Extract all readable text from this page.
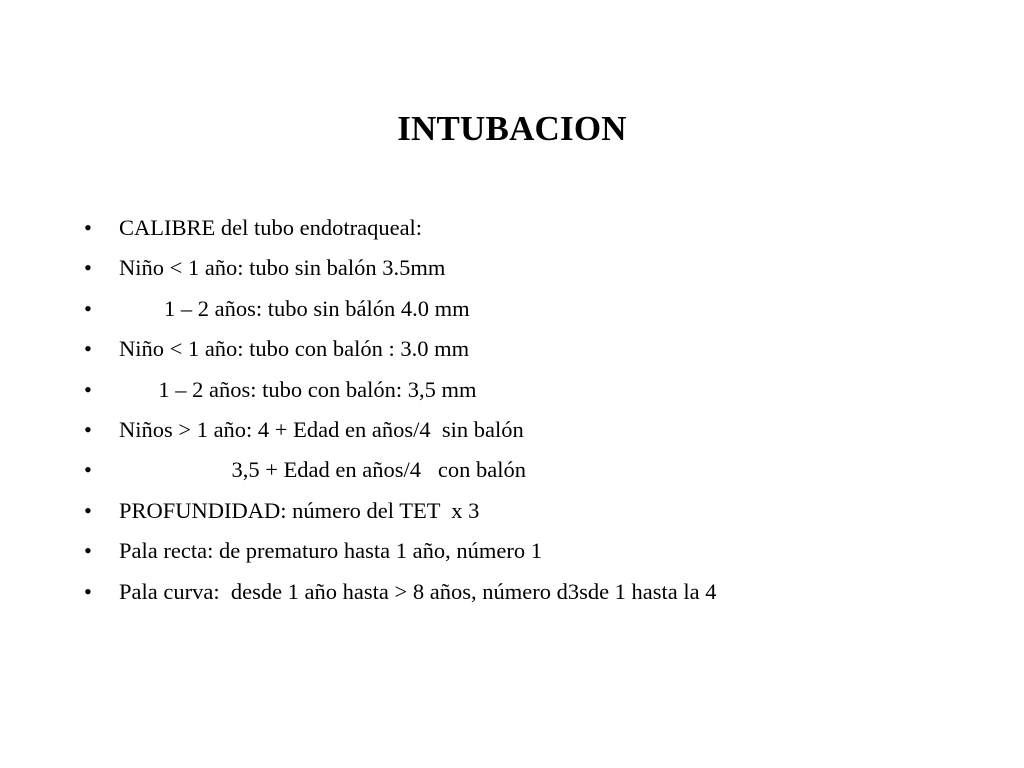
INTUBACION

•

	CALIBRE del tubo endotraqueal:

•

	Niño < 1 año: tubo sin balón 3.5mm

•

	1 – 2 años: tubo sin bálón 4.0 mm

•

	Niño < 1 año: tubo con balón : 3.0 mm

•

	1 – 2 años: tubo con balón: 3,5 mm

•

	Niños > 1 año: 4 + Edad en años/4  sin balón

•

	3,5 + Edad en años/4   con balón

•

	PROFUNDIDAD: número del TET  x 3

•

	Pala recta: de prematuro hasta 1 año, número 1

•

	Pala curva:  desde 1 año hasta > 8 años, número d3sde 1 hasta la 4
